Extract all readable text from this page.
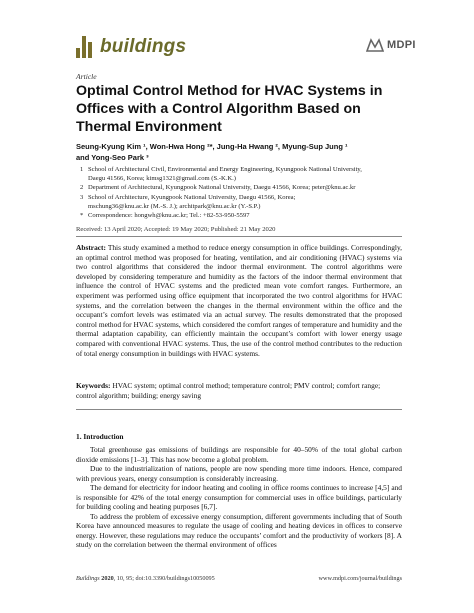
buildings	MDPI
Article
Optimal Control Method for HVAC Systems in Offices with a Control Algorithm Based on Thermal Environment
Seung-Kyung Kim ¹, Won-Hwa Hong ²*, Jung-Ha Hwang ², Myung-Sup Jung ¹
and Yong-Seo Park ³
1 School of Architectural Civil, Environmental and Energy Engineering, Kyungpook National University,
Daegu 41566, Korea; kimsg1321@gmail.com (S.-K.K.)
2 Department of Architectural, Kyungpook National University, Daegu 41566, Korea; peter@knu.ac.kr
3 School of Architecture, Kyungpook National University, Daegu 41566, Korea;
mschung36@knu.ac.kr (M.-S. J.); architpark@knu.ac.kr (Y.-S.P.)
* Correspondence: hongwh@knu.ac.kr; Tel.: +82-53-950-5597
Received: 13 April 2020; Accepted: 19 May 2020; Published: 21 May 2020
Abstract: This study examined a method to reduce energy consumption in office buildings. Correspondingly, an optimal control method was proposed for heating, ventilation, and air conditioning (HVAC) systems via two control algorithms that considered the indoor thermal environment. The control algorithms were developed by considering temperature and humidity as the factors of the indoor thermal environment that influence the control of HVAC systems and the predicted mean vote comfort ranges. Furthermore, an experiment was performed using office equipment that incorporated the two control algorithms for HVAC systems, and the correlation between the changes in the thermal environment within the office and the occupant’s comfort levels was estimated via an actual survey. The results demonstrated that the proposed control method for HVAC systems, which considered the comfort ranges of temperature and humidity and the thermal adaptation capability, can efficiently maintain the occupant’s comfort with lower energy usage compared with conventional HVAC systems. Thus, the use of the control method contributes to the reduction of total energy consumption in buildings with HVAC systems.
Keywords: HVAC system; optimal control method; temperature control; PMV control; comfort range; control algorithm; building; energy saving
1. Introduction

Total greenhouse gas emissions of buildings are responsible for 40–50% of the total global carbon dioxide emissions [1–3]. This has now become a global problem.

Due to the industrialization of nations, people are now spending more time indoors. Hence, compared with previous years, energy consumption is considerably increasing.

The demand for electricity for indoor heating and cooling in office rooms continues to increase [4,5] and is responsible for 42% of the total energy consumption for commercial uses in office buildings, particularly for building cooling and heating purposes [6,7].

To address the problem of excessive energy consumption, different governments including that of South Korea have announced measures to regulate the usage of cooling and heating devices in offices to conserve energy. However, these regulations may reduce the occupants’ comfort and the productivity of workers [8]. A study on the correlation between the thermal environment of offices

Buildings 2020, 10, 95; doi:10.3390/buildings10050095	www.mdpi.com/journal/buildings
